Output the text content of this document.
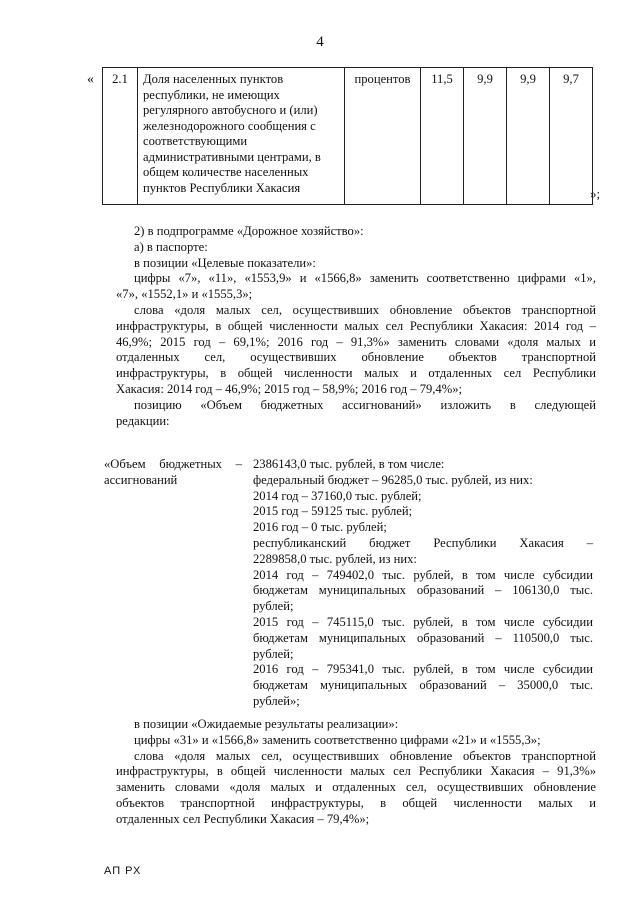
4
« 2.1	Доля населенных пунктов республики, не имеющих регулярного автобусного и (или) железнодорожного сообщения с соответствующими административными центрами, в общем количестве населенных пунктов Республики Хакасия	процентов	11,5	9,9	9,9	9,7
»;
2) в подпрограмме «Дорожное хозяйство»:
а) в паспорте:
в позиции «Целевые показатели»:
цифры «7», «11», «1553,9» и «1566,8» заменить соответственно цифрами «1»,
«7», «1552,1» и «1555,3»;
слова «доля малых сел, осуществивших обновление объектов транспортной
инфраструктуры, в общей численности малых сел Республики Хакасия: 2014 год –
46,9%; 2015 год – 69,1%; 2016 год – 91,3%» заменить словами «доля малых и
отдаленных сел, осуществивших обновление объектов транспортной
инфраструктуры, в общей численности малых и отдаленных сел Республики
Хакасия: 2014 год – 46,9%; 2015 год – 58,9%; 2016 год – 79,4%»;
позицию «Объем бюджетных ассигнований» изложить в следующей
редакции:
«Объем бюджетных –
ассигнований
2386143,0 тыс. рублей, в том числе:
федеральный бюджет – 96285,0 тыс. рублей, из них:
2014 год – 37160,0 тыс. рублей;
2015 год – 59125 тыс. рублей;
2016 год – 0 тыс. рублей;
республиканский бюджет Республики Хакасия –
2289858,0 тыс. рублей, из них:
2014 год – 749402,0 тыс. рублей, в том числе субсидии
бюджетам муниципальных образований – 106130,0 тыс.
рублей;
2015 год – 745115,0 тыс. рублей, в том числе субсидии
бюджетам муниципальных образований – 110500,0 тыс.
рублей;
2016 год – 795341,0 тыс. рублей, в том числе субсидии
бюджетам муниципальных образований – 35000,0 тыс.
рублей»;
в позиции «Ожидаемые результаты реализации»:
цифры «31» и «1566,8» заменить соответственно цифрами «21» и «1555,3»;
слова «доля малых сел, осуществивших обновление объектов транспортной
инфраструктуры, в общей численности малых сел Республики Хакасия – 91,3%»
заменить словами «доля малых и отдаленных сел, осуществивших обновление
объектов транспортной инфраструктуры, в общей численности малых и
отдаленных сел Республики Хакасия – 79,4%»;
АП РХ
